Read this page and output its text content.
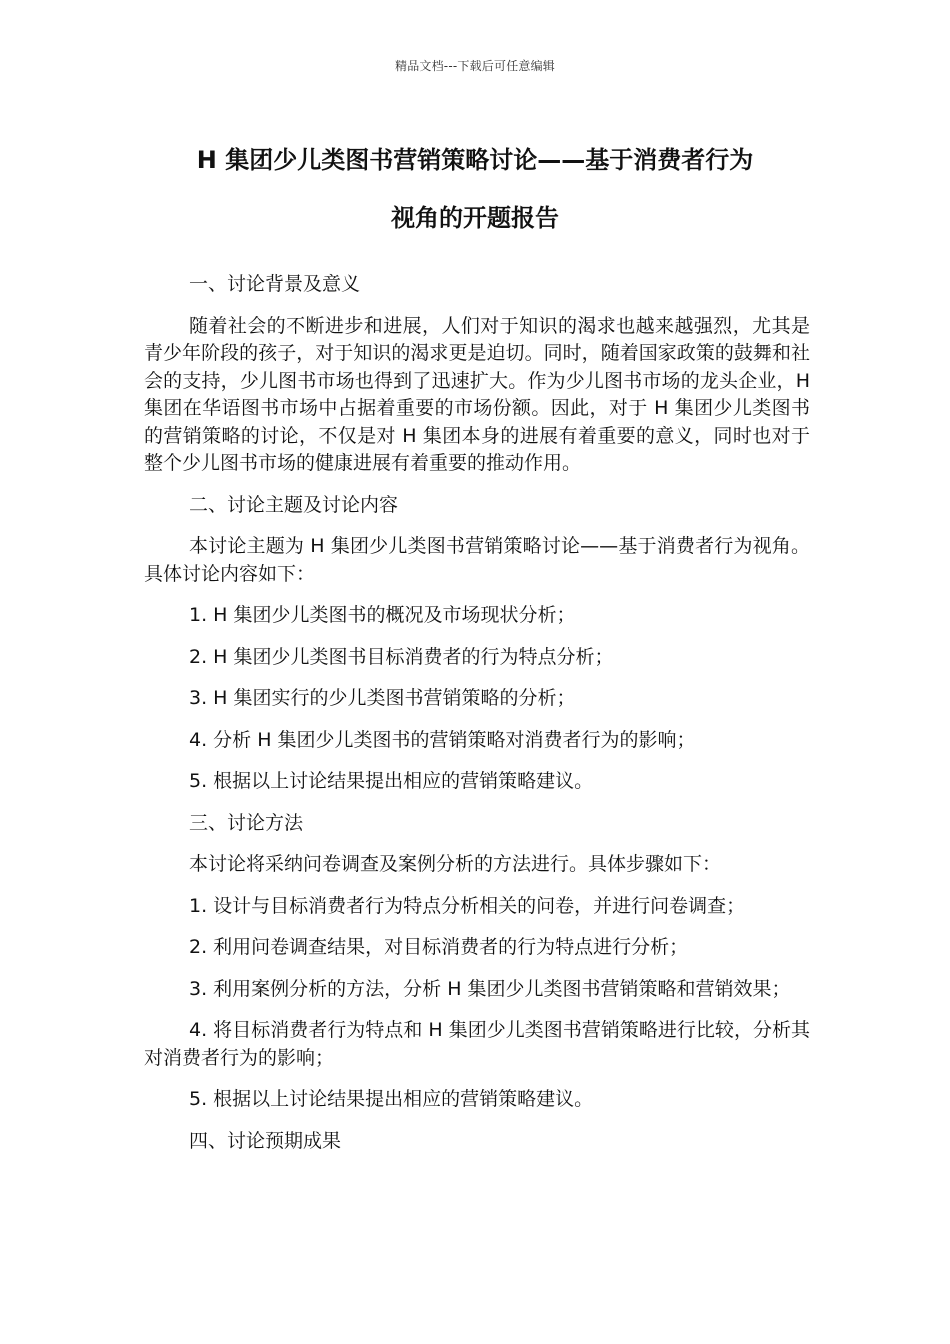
精品文档---下载后可任意编辑
H 集团少儿类图书营销策略讨论——基于消费者行为
视角的开题报告

一、讨论背景及意义

随着社会的不断进步和进展，人们对于知识的渴求也越来越强烈，尤其是青少年阶段的孩子，对于知识的渴求更是迫切。同时，随着国家政策的鼓舞和社会的支持，少儿图书市场也得到了迅速扩大。作为少儿图书市场的龙头企业，H 集团在华语图书市场中占据着重要的市场份额。因此，对于 H 集团少儿类图书的营销策略的讨论，不仅是对 H 集团本身的进展有着重要的意义，同时也对于整个少儿图书市场的健康进展有着重要的推动作用。

二、讨论主题及讨论内容

本讨论主题为 H 集团少儿类图书营销策略讨论——基于消费者行为视角。具体讨论内容如下：

1. H 集团少儿类图书的概况及市场现状分析；

2. H 集团少儿类图书目标消费者的行为特点分析；

3. H 集团实行的少儿类图书营销策略的分析；

4. 分析 H 集团少儿类图书的营销策略对消费者行为的影响；

5. 根据以上讨论结果提出相应的营销策略建议。

三、讨论方法

本讨论将采纳问卷调查及案例分析的方法进行。具体步骤如下：

1. 设计与目标消费者行为特点分析相关的问卷，并进行问卷调查；

2. 利用问卷调查结果，对目标消费者的行为特点进行分析；

3. 利用案例分析的方法，分析 H 集团少儿类图书营销策略和营销效果；

4. 将目标消费者行为特点和 H 集团少儿类图书营销策略进行比较，分析其对消费者行为的影响；

5. 根据以上讨论结果提出相应的营销策略建议。

四、讨论预期成果
